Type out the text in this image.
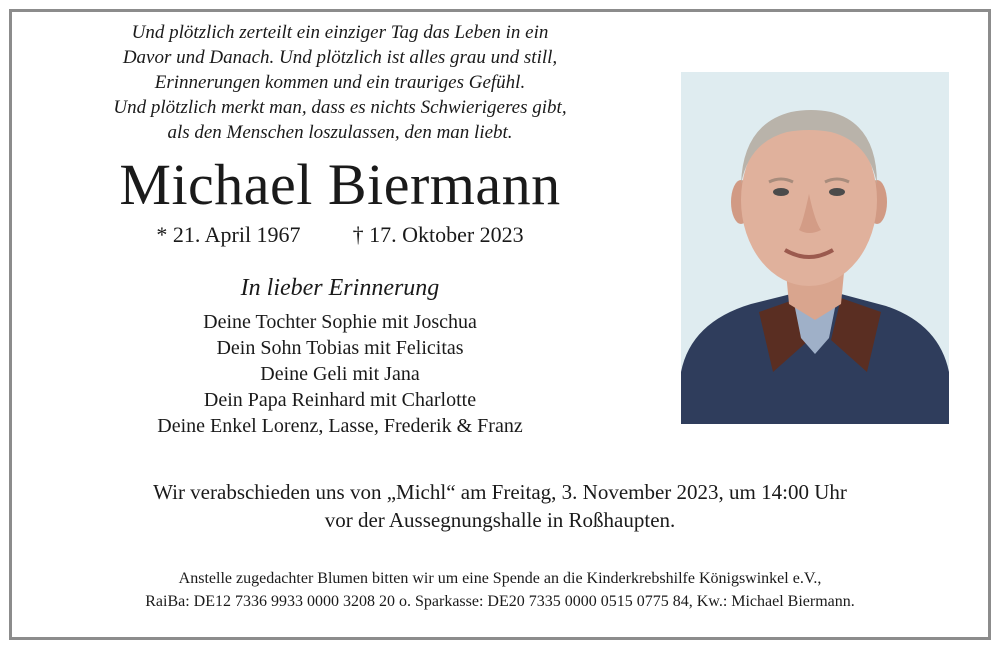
Und plötzlich zerteilt ein einziger Tag das Leben in ein
Davor und Danach. Und plötzlich ist alles grau und still,
Erinnerungen kommen und ein trauriges Gefühl.
Und plötzlich merkt man, dass es nichts Schwierigeres gibt,
als den Menschen loszulassen, den man liebt.
Michael Biermann
* 21. April 1967 † 17. Oktober 2023
In lieber Erinnerung
Deine Tochter Sophie mit Joschua
Dein Sohn Tobias mit Felicitas
Deine Geli mit Jana
Dein Papa Reinhard mit Charlotte
Deine Enkel Lorenz, Lasse, Frederik & Franz
Wir verabschieden uns von „Michl“ am Freitag, 3. November 2023, um 14:00 Uhr
vor der Aussegnungshalle in Roßhaupten.
Anstelle zugedachter Blumen bitten wir um eine Spende an die Kinderkrebshilfe Königswinkel e.V.,
RaiBa: DE12 7336 9933 0000 3208 20 o. Sparkasse: DE20 7335 0000 0515 0775 84, Kw.: Michael Biermann.
